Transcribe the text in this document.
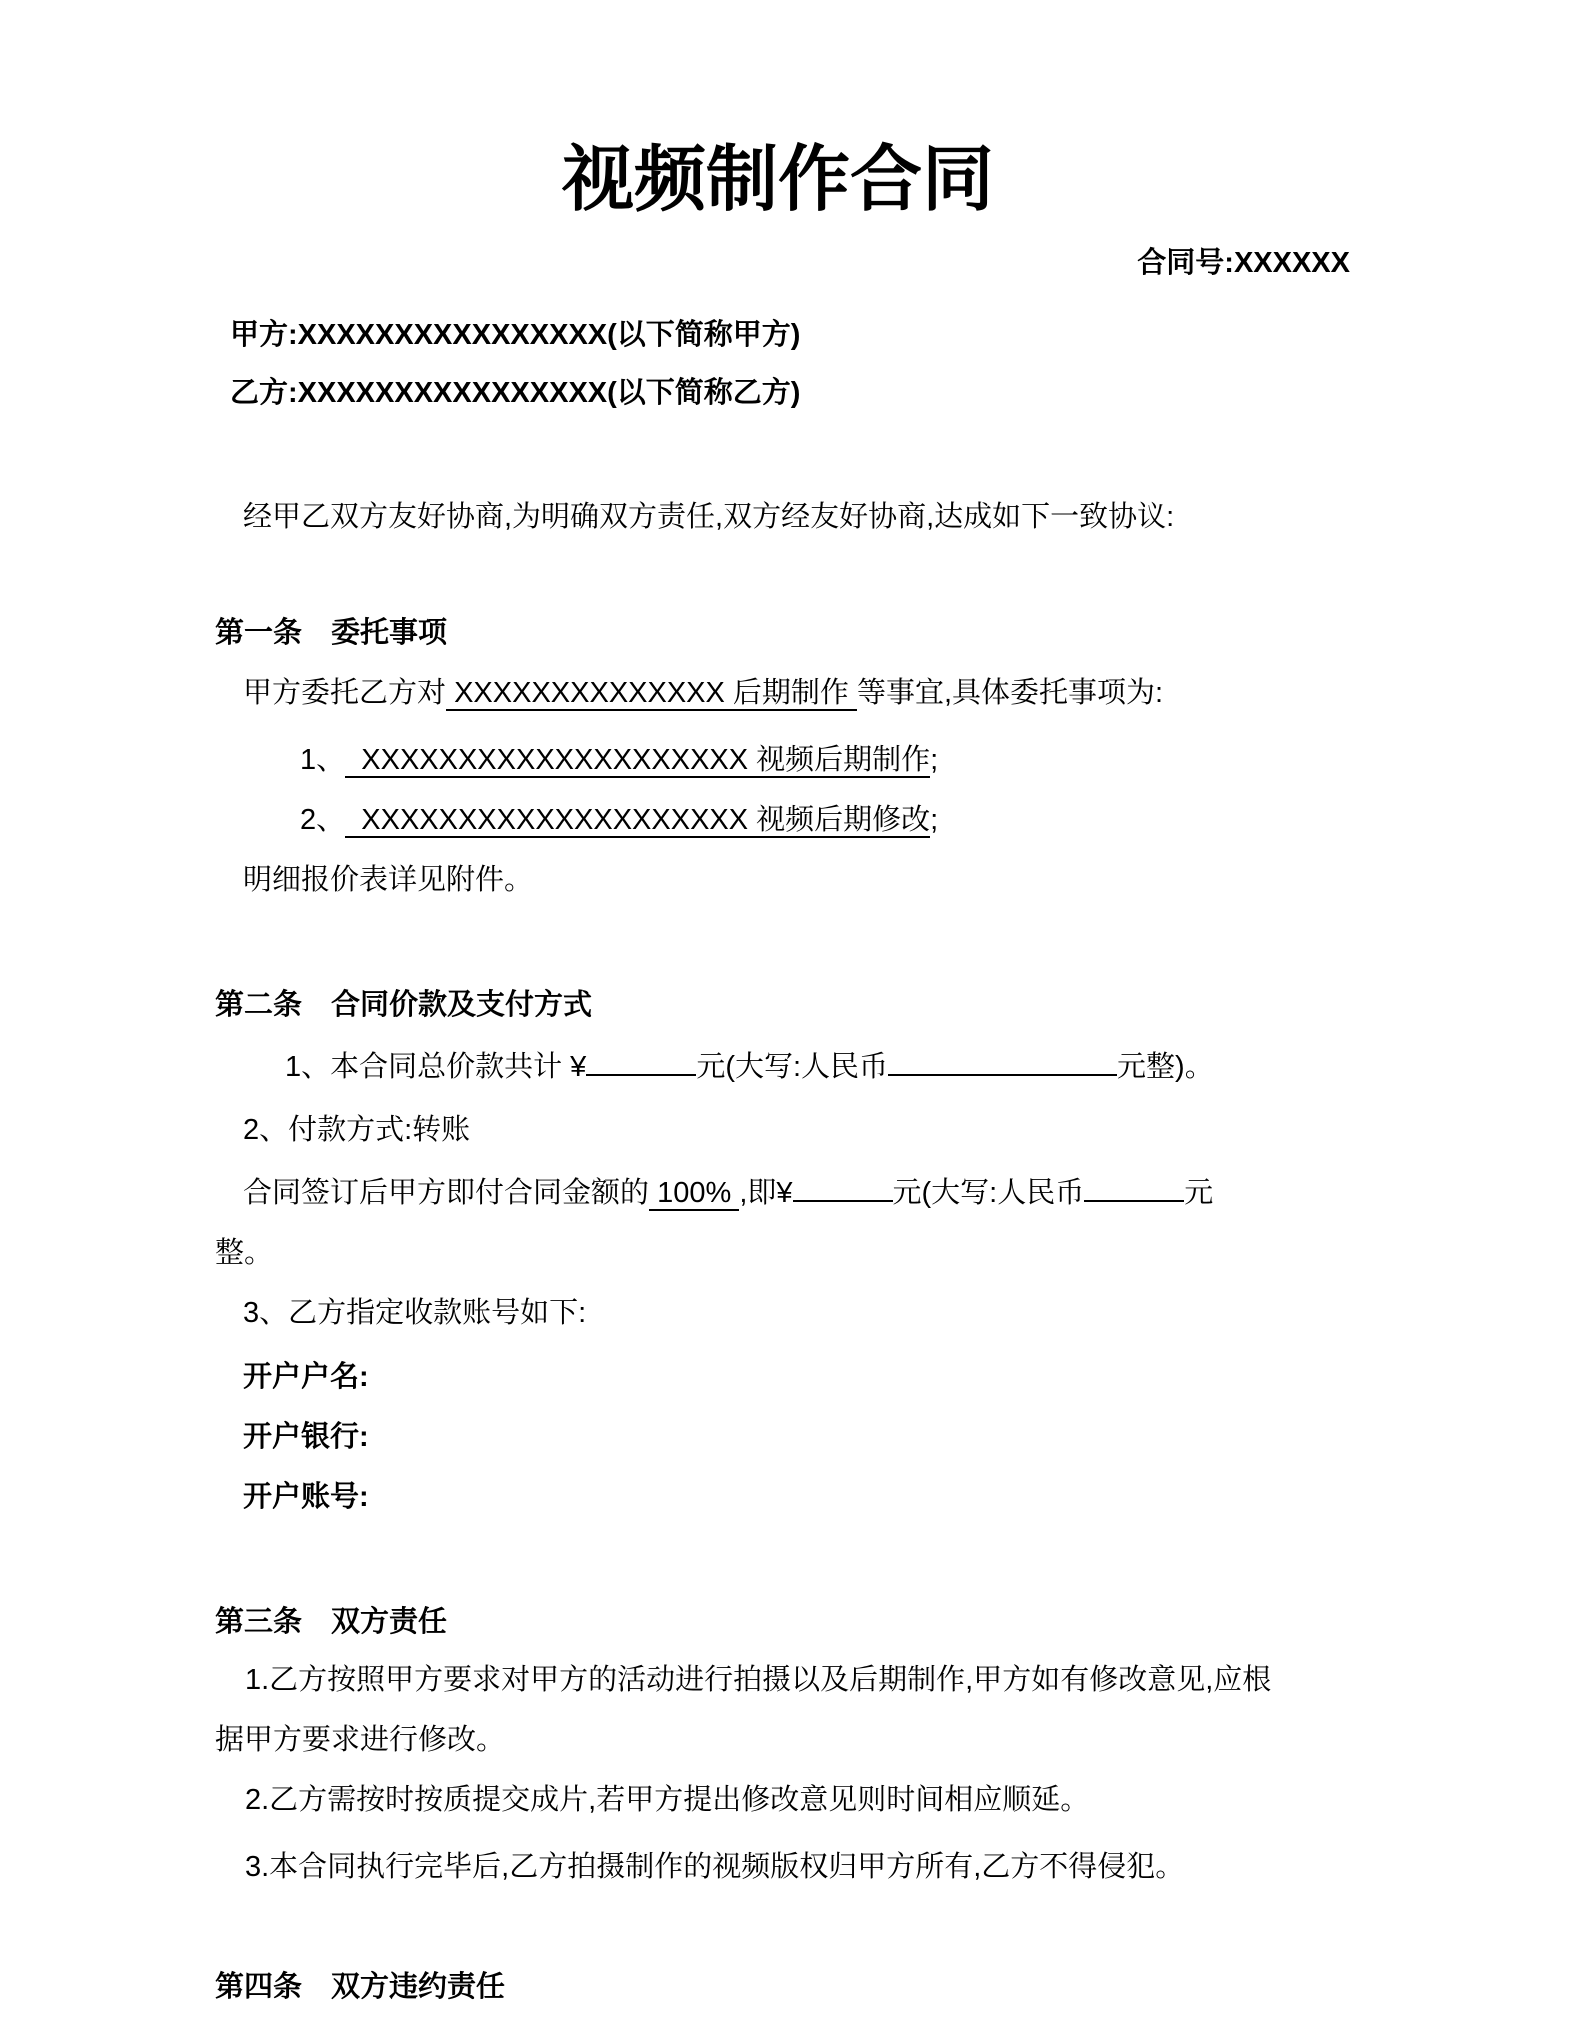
视频制作合同
合同号:XXXXXX
甲方:XXXXXXXXXXXXXXXX(以下简称甲方)
乙方:XXXXXXXXXXXXXXXX(以下简称乙方)
经甲乙双方友好协商,为明确双方责任,双方经友好协商,达成如下一致协议:
第一条　委托事项
甲方委托乙方对 XXXXXXXXXXXXXX 后期制作 等事宜,具体委托事项为:
1、  XXXXXXXXXXXXXXXXXXXX 视频后期制作;
2、  XXXXXXXXXXXXXXXXXXXX 视频后期修改;
明细报价表详见附件。
第二条　合同价款及支付方式
1、本合同总价款共计 ¥	元(大写:人民币	元整)。
2、付款方式:转账
合同签订后甲方即付合同金额的 100% ,即¥	元(大写:人民币	元
整。
3、乙方指定收款账号如下:
开户户名:
开户银行:
开户账号:
第三条　双方责任
1.乙方按照甲方要求对甲方的活动进行拍摄以及后期制作,甲方如有修改意见,应根
据甲方要求进行修改。
2.乙方需按时按质提交成片,若甲方提出修改意见则时间相应顺延。
3.本合同执行完毕后,乙方拍摄制作的视频版权归甲方所有,乙方不得侵犯。
第四条　双方违约责任
